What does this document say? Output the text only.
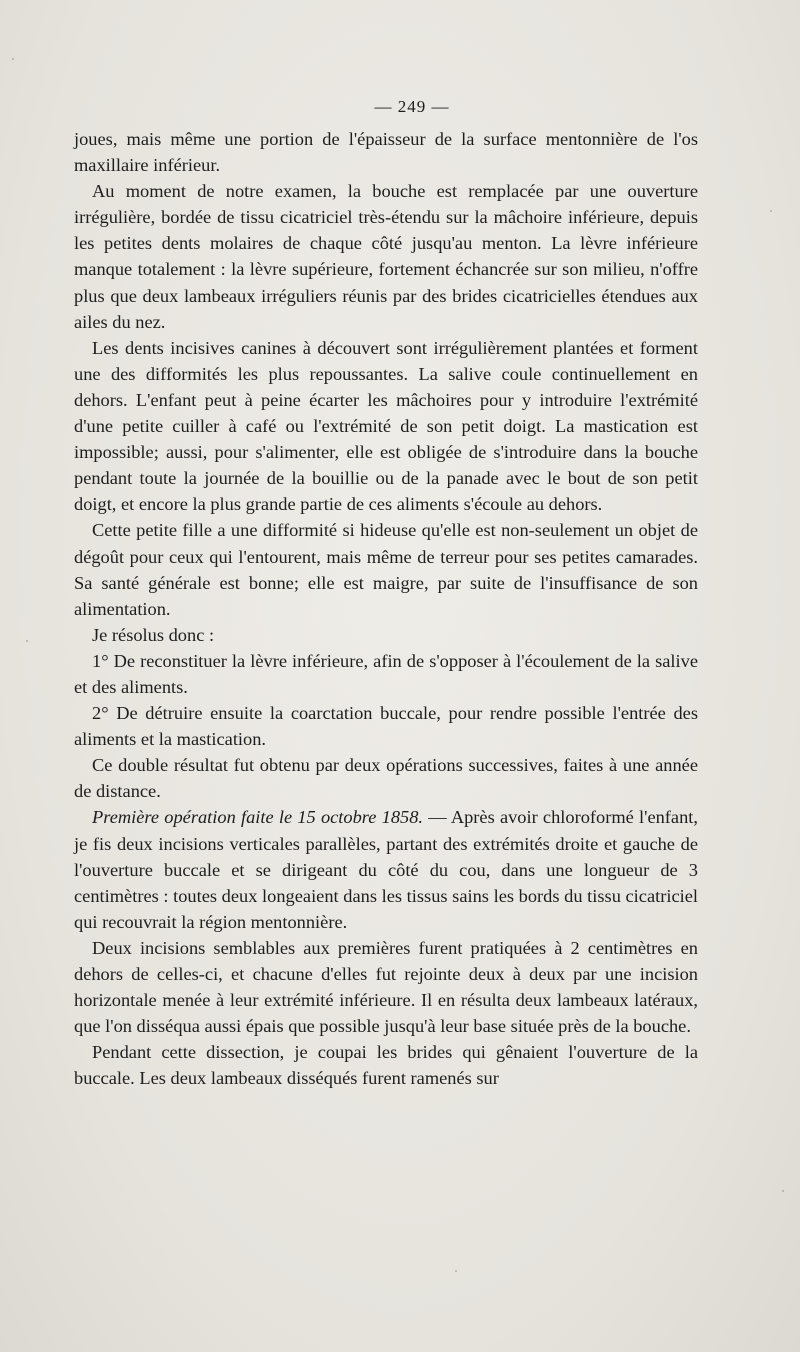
— 249 —

joues, mais même une portion de l'épaisseur de la surface mentonnière de l'os maxillaire inférieur.

Au moment de notre examen, la bouche est remplacée par une ouverture irrégulière, bordée de tissu cicatriciel très-étendu sur la mâchoire inférieure, depuis les petites dents molaires de chaque côté jusqu'au menton. La lèvre inférieure manque totalement : la lèvre supérieure, fortement échancrée sur son milieu, n'offre plus que deux lambeaux irréguliers réunis par des brides cicatricielles étendues aux ailes du nez.

Les dents incisives canines à découvert sont irrégulièrement plantées et forment une des difformités les plus repoussantes. La salive coule continuellement en dehors. L'enfant peut à peine écarter les mâchoires pour y introduire l'extrémité d'une petite cuiller à café ou l'extrémité de son petit doigt. La mastication est impossible; aussi, pour s'alimenter, elle est obligée de s'introduire dans la bouche pendant toute la journée de la bouillie ou de la panade avec le bout de son petit doigt, et encore la plus grande partie de ces aliments s'écoule au dehors.

Cette petite fille a une difformité si hideuse qu'elle est non-seulement un objet de dégoût pour ceux qui l'entourent, mais même de terreur pour ses petites camarades. Sa santé générale est bonne; elle est maigre, par suite de l'insuffisance de son alimentation.

Je résolus donc :

1° De reconstituer la lèvre inférieure, afin de s'opposer à l'écoulement de la salive et des aliments.

2° De détruire ensuite la coarctation buccale, pour rendre possible l'entrée des aliments et la mastication.

Ce double résultat fut obtenu par deux opérations successives, faites à une année de distance.

Première opération faite le 15 octobre 1858. — Après avoir chloroformé l'enfant, je fis deux incisions verticales parallèles, partant des extrémités droite et gauche de l'ouverture buccale et se dirigeant du côté du cou, dans une longueur de 3 centimètres : toutes deux longeaient dans les tissus sains les bords du tissu cicatriciel qui recouvrait la région mentonnière.

Deux incisions semblables aux premières furent pratiquées à 2 centimètres en dehors de celles-ci, et chacune d'elles fut rejointe deux à deux par une incision horizontale menée à leur extrémité inférieure. Il en résulta deux lambeaux latéraux, que l'on disséqua aussi épais que possible jusqu'à leur base située près de la bouche.

Pendant cette dissection, je coupai les brides qui gênaient l'ouverture de la buccale. Les deux lambeaux disséqués furent ramenés sur
